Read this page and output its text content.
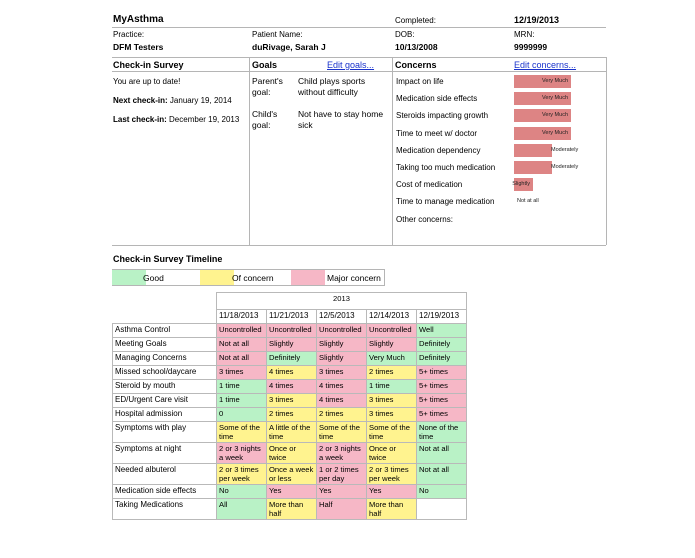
MyAsthma	Completed:	12/19/2013
Practice:	Patient Name:	DOB:	MRN:
DFM Testers	duRivage, Sarah J	10/13/2008	9999999
Check-in Survey
You are up to date!
Next check-in: January 19, 2014
Last check-in: December 19, 2013
Goals	Edit goals...
Parent's goal:
Child plays sports without difficulty
Child's goal:
Not have to stay home sick
Concerns	Edit concerns...
Impact on life	Very Much
Medication side effects	Very Much
Steroids impacting growth	Very Much
Time to meet w/ doctor	Very Much
Medication dependency	Moderately
Taking too much medication	Moderately
Cost of medication	Slightly
Time to manage medication	Not at all
Other concerns:
Check-in Survey Timeline
Good	Of concern	Major concern
	2013				
	11/18/2013	11/21/2013	12/5/2013	12/14/2013	12/19/2013
Asthma Control	Uncontrolled	Uncontrolled	Uncontrolled	Uncontrolled	Well
Meeting Goals	Not at all	Slightly	Slightly	Slightly	Definitely
Managing Concerns	Not at all	Definitely	Slightly	Very Much	Definitely
Missed school/daycare	3 times	4 times	3 times	2 times	5+ times
Steroid by mouth	1 time	4 times	4 times	1 time	5+ times
ED/Urgent Care visit	1 time	3 times	4 times	3 times	5+ times
Hospital admission	0	2 times	2 times	3 times	5+ times
Symptoms with play	Some of the time	A little of the time	Some of the time	Some of the time	None of the time
Symptoms at night	2 or 3 nights a week	Once or twice	2 or 3 nights a week	Once or twice	Not at all
Needed albuterol	2 or 3 times per week	Once a week or less	1 or 2 times per day	2 or 3 times per week	Not at all
Medication side effects	No	Yes	Yes	Yes	No
Taking Medications	All	More than half	Half	More than half	
